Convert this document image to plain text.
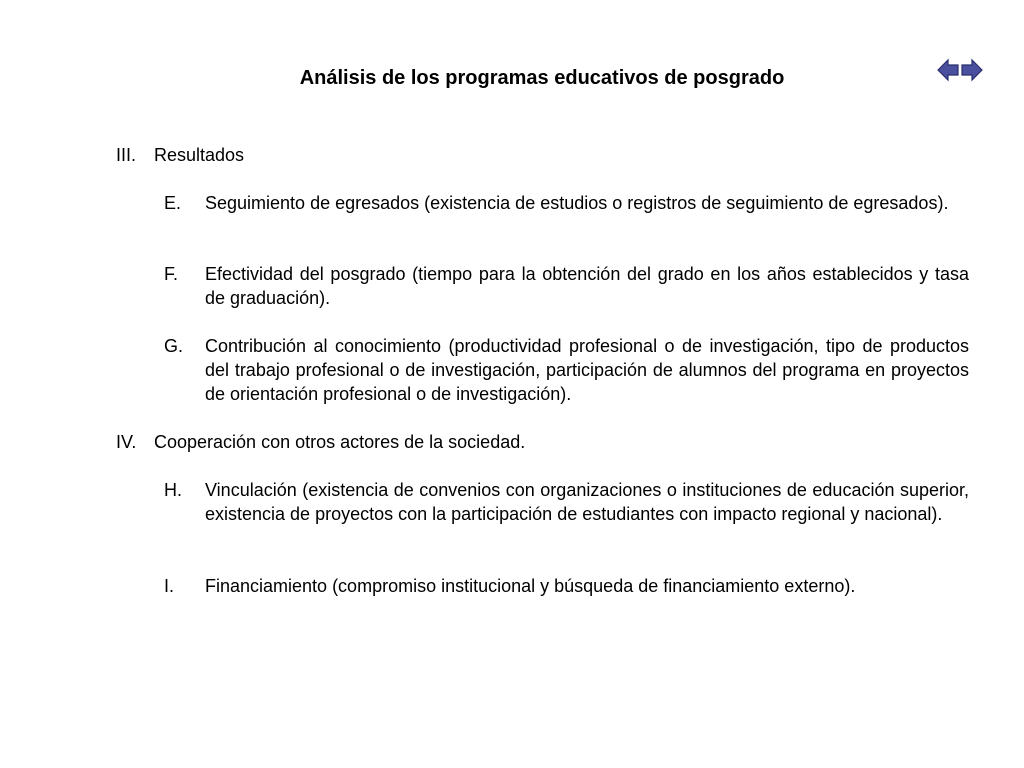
Análisis de los programas educativos de posgrado
III. Resultados
E.	Seguimiento de egresados (existencia de estudios o registros de seguimiento de egresados).
F.	Efectividad del posgrado (tiempo para la obtención del grado en los años establecidos y tasa de graduación).
G.	Contribución al conocimiento (productividad profesional o de investigación, tipo de productos del trabajo profesional o de investigación, participación de alumnos del programa en proyectos de orientación profesional o de investigación).
IV. Cooperación con otros actores de la sociedad.
H.	Vinculación (existencia de convenios con organizaciones o instituciones de educación superior, existencia de proyectos con la participación de estudiantes con impacto regional y nacional).
I.	Financiamiento (compromiso institucional y búsqueda de financiamiento externo).
